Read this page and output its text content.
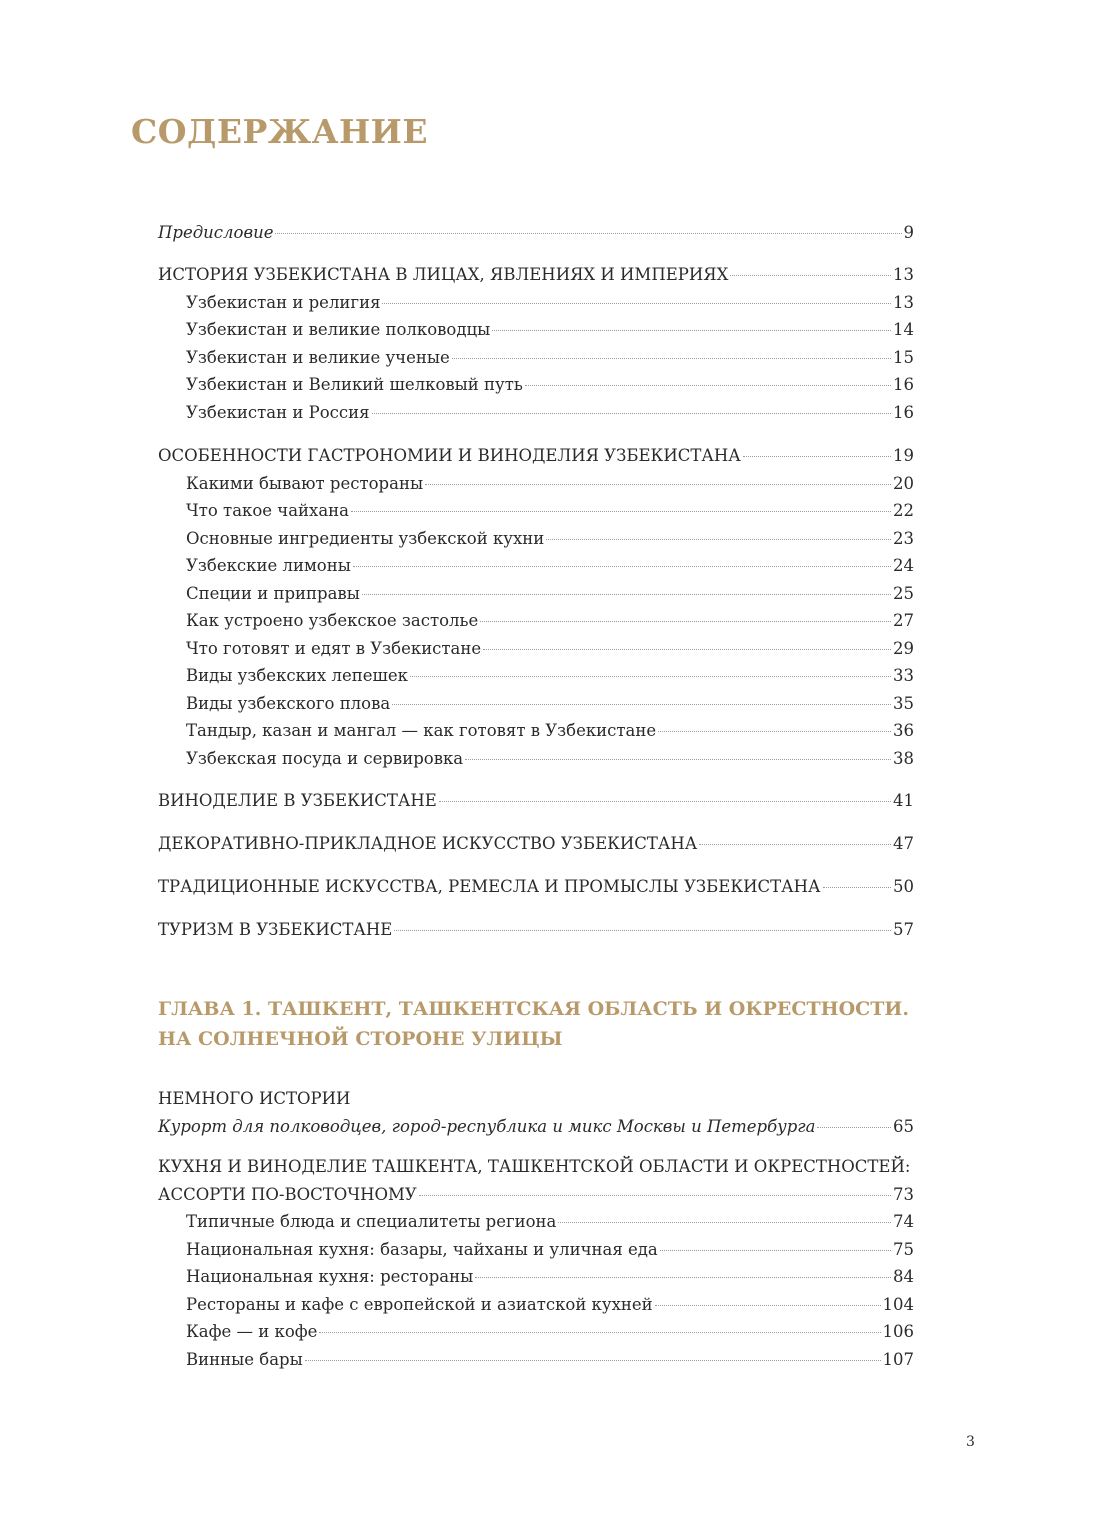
СОДЕРЖАНИЕ
Предисловие	9
ИСТОРИЯ УЗБЕКИСТАНА В ЛИЦАХ, ЯВЛЕНИЯХ И ИМПЕРИЯХ	13
Узбекистан и религия	13
Узбекистан и великие полководцы	14
Узбекистан и великие ученые	15
Узбекистан и Великий шелковый путь	16
Узбекистан и Россия	16
ОСОБЕННОСТИ ГАСТРОНОМИИ И ВИНОДЕЛИЯ УЗБЕКИСТАНА	19
Какими бывают рестораны	20
Что такое чайхана	22
Основные ингредиенты узбекской кухни	23
Узбекские лимоны	24
Специи и приправы	25
Как устроено узбекское застолье	27
Что готовят и едят в Узбекистане	29
Виды узбекских лепешек	33
Виды узбекского плова	35
Тандыр, казан и мангал — как готовят в Узбекистане	36
Узбекская посуда и сервировка	38
ВИНОДЕЛИЕ В УЗБЕКИСТАНЕ	41
ДЕКОРАТИВНО-ПРИКЛАДНОЕ ИСКУССТВО УЗБЕКИСТАНА	47
ТРАДИЦИОННЫЕ ИСКУССТВА, РЕМЕСЛА И ПРОМЫСЛЫ УЗБЕКИСТАНА	50
ТУРИЗМ В УЗБЕКИСТАНЕ	57
ГЛАВА 1. ТАШКЕНТ, ТАШКЕНТСКАЯ ОБЛАСТЬ И ОКРЕСТНОСТИ.
НА СОЛНЕЧНОЙ СТОРОНЕ УЛИЦЫ
НЕМНОГО ИСТОРИИ
Курорт для полководцев, город-республика и микс Москвы и Петербурга	65
КУХНЯ И ВИНОДЕЛИЕ ТАШКЕНТА, ТАШКЕНТСКОЙ ОБЛАСТИ И ОКРЕСТНОСТЕЙ:
АССОРТИ ПО-ВОСТОЧНОМУ	73
Типичные блюда и специалитеты региона	74
Национальная кухня: базары, чайханы и уличная еда	75
Национальная кухня: рестораны	84
Рестораны и кафе с европейской и азиатской кухней	104
Кафе — и кофе	106
Винные бары	107
3
